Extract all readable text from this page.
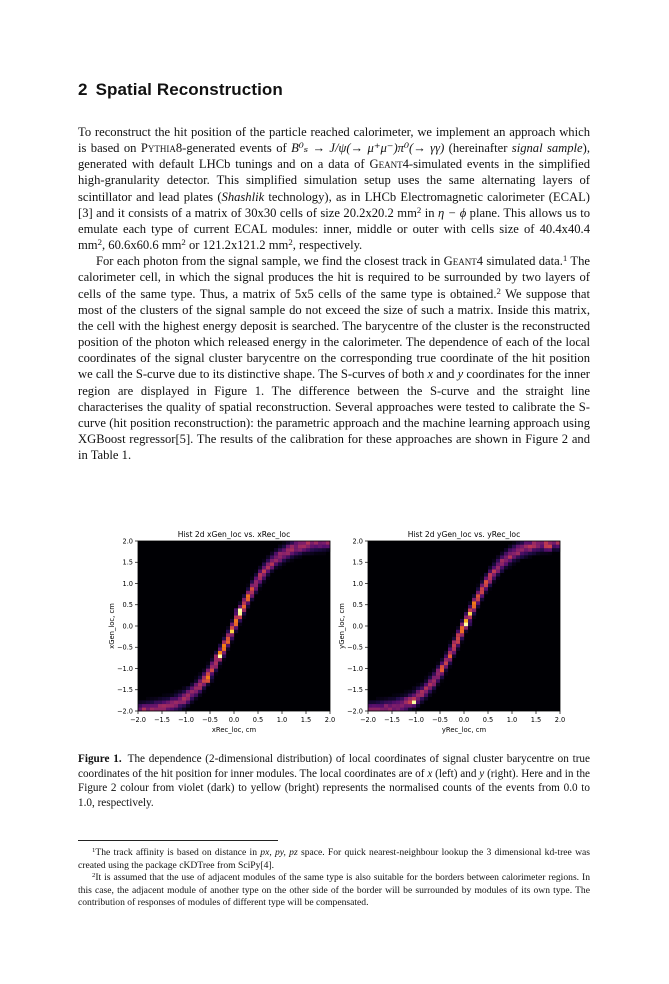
2 Spatial Reconstruction

To reconstruct the hit position of the particle reached calorimeter, we implement an approach which is based on Pythia8-generated events of B⁰ₛ → J/ψ(→ μ⁺μ⁻)π⁰(→ γγ) (hereinafter signal sample), generated with default LHCb tunings and on a data of Geant4-simulated events in the simplified high-granularity detector. This simplified simulation setup uses the same alternating layers of scintillator and lead plates (Shashlik technology), as in LHCb Electromagnetic calorimeter (ECAL)[3] and it consists of a matrix of 30x30 cells of size 20.2x20.2 $mm^2$ in η − ϕ plane. This allows us to emulate each type of current ECAL modules: inner, middle or outer with cells size of 40.4x40.4 $mm^2$, 60.6x60.6 $mm^2$ or 121.2x121.2 $mm^2$, respectively.

For each photon from the signal sample, we find the closest track in Geant4 simulated data.$^1$ The calorimeter cell, in which the signal produces the hit is required to be surrounded by two layers of cells of the same type. Thus, a matrix of 5x5 cells of the same type is obtained.$^2$ We suppose that most of the clusters of the signal sample do not exceed the size of such a matrix. Inside this matrix, the cell with the highest energy deposit is searched. The barycentre of the cluster is the reconstructed position of the photon which released energy in the calorimeter. The dependence of each of the local coordinates of the signal cluster barycentre on the corresponding true coordinate of the hit position we call the S-curve due to its distinctive shape. The S-curves of both x and y coordinates for the inner region are displayed in Figure 1. The difference between the S-curve and the straight line characterises the quality of spatial reconstruction. Several approaches were tested to calibrate the S-curve (hit position reconstruction): the parametric approach and the machine learning approach using XGBoost regressor[5]. The results of the calibration for these approaches are shown in Figure 2 and in Table 1.

−2.0
−2.0
−1.5
−1.5
−1.0
−1.0
−0.5
−0.5
0.0
0.0
0.5
0.5
1.0
1.0
1.5
1.5
2.0
2.0
Hist 2d xGen_loc vs. xRec_loc
xRec_loc, cm
xGen_loc, cm
−2.0
−2.0
−1.5
−1.5
−1.0
−1.0
−0.5
−0.5
0.0
0.0
0.5
0.5
1.0
1.0
1.5
1.5
2.0
2.0
Hist 2d yGen_loc vs. yRec_loc
yRec_loc, cm
yGen_loc, cm
Figure 1. The dependence (2-dimensional distribution) of local coordinates of signal cluster barycentre on true coordinates of the hit position for inner modules. The local coordinates are of x (left) and y (right). Here and in the Figure 2 colour from violet (dark) to yellow (bright) represents the normalised counts of the events from 0.0 to 1.0, respectively.

$^1$The track affinity is based on distance in px, py, pz space. For quick nearest-neighbour lookup the 3 dimensional kd-tree was created using the package cKDTree from SciPy[4].

$^2$It is assumed that the use of adjacent modules of the same type is also suitable for the borders between calorimeter regions. In this case, the adjacent module of another type on the other side of the border will be surrounded by modules of its own type. The contribution of responses of modules of different type will be compensated.
